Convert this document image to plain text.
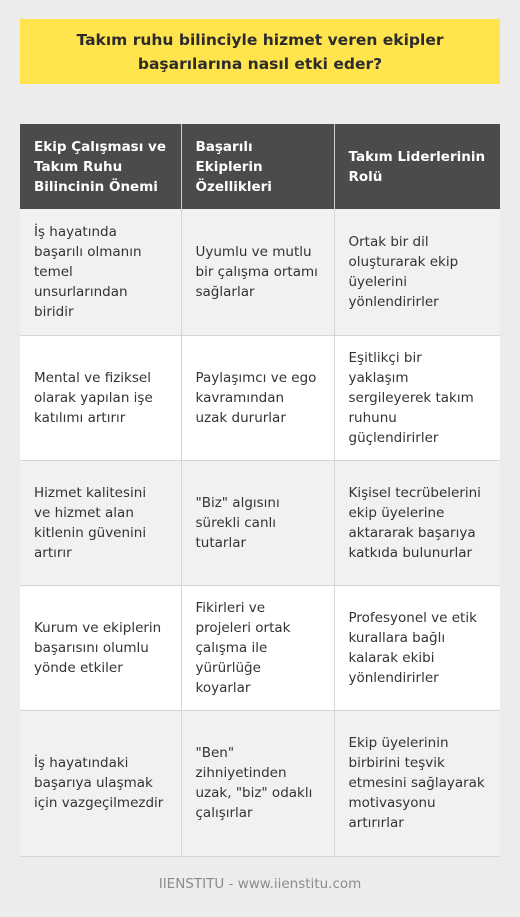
Takım ruhu bilinciyle hizmet veren ekipler başarılarına nasıl etki eder?
Ekip Çalışması ve Takım Ruhu Bilincinin Önemi	Başarılı Ekiplerin Özellikleri	Takım Liderlerinin Rolü
İş hayatında başarılı olmanın temel unsurlarından biridir	Uyumlu ve mutlu bir çalışma ortamı sağlarlar	Ortak bir dil oluşturarak ekip üyelerini yönlendirirler
Mental ve fiziksel olarak yapılan işe katılımı artırır	Paylaşımcı ve ego kavramından uzak dururlar	Eşitlikçi bir yaklaşım sergileyerek takım ruhunu güçlendirirler
Hizmet kalitesini ve hizmet alan kitlenin güvenini artırır	"Biz" algısını sürekli canlı tutarlar	Kişisel tecrübelerini ekip üyelerine aktararak başarıya katkıda bulunurlar
Kurum ve ekiplerin başarısını olumlu yönde etkiler	Fikirleri ve projeleri ortak çalışma ile yürürlüğe koyarlar	Profesyonel ve etik kurallara bağlı kalarak ekibi yönlendirirler
İş hayatındaki başarıya ulaşmak için vazgeçilmezdir	"Ben" zihniyetinden uzak, "biz" odaklı çalışırlar	Ekip üyelerinin birbirini teşvik etmesini sağlayarak motivasyonu artırırlar
IIENSTITU - www.iienstitu.com
